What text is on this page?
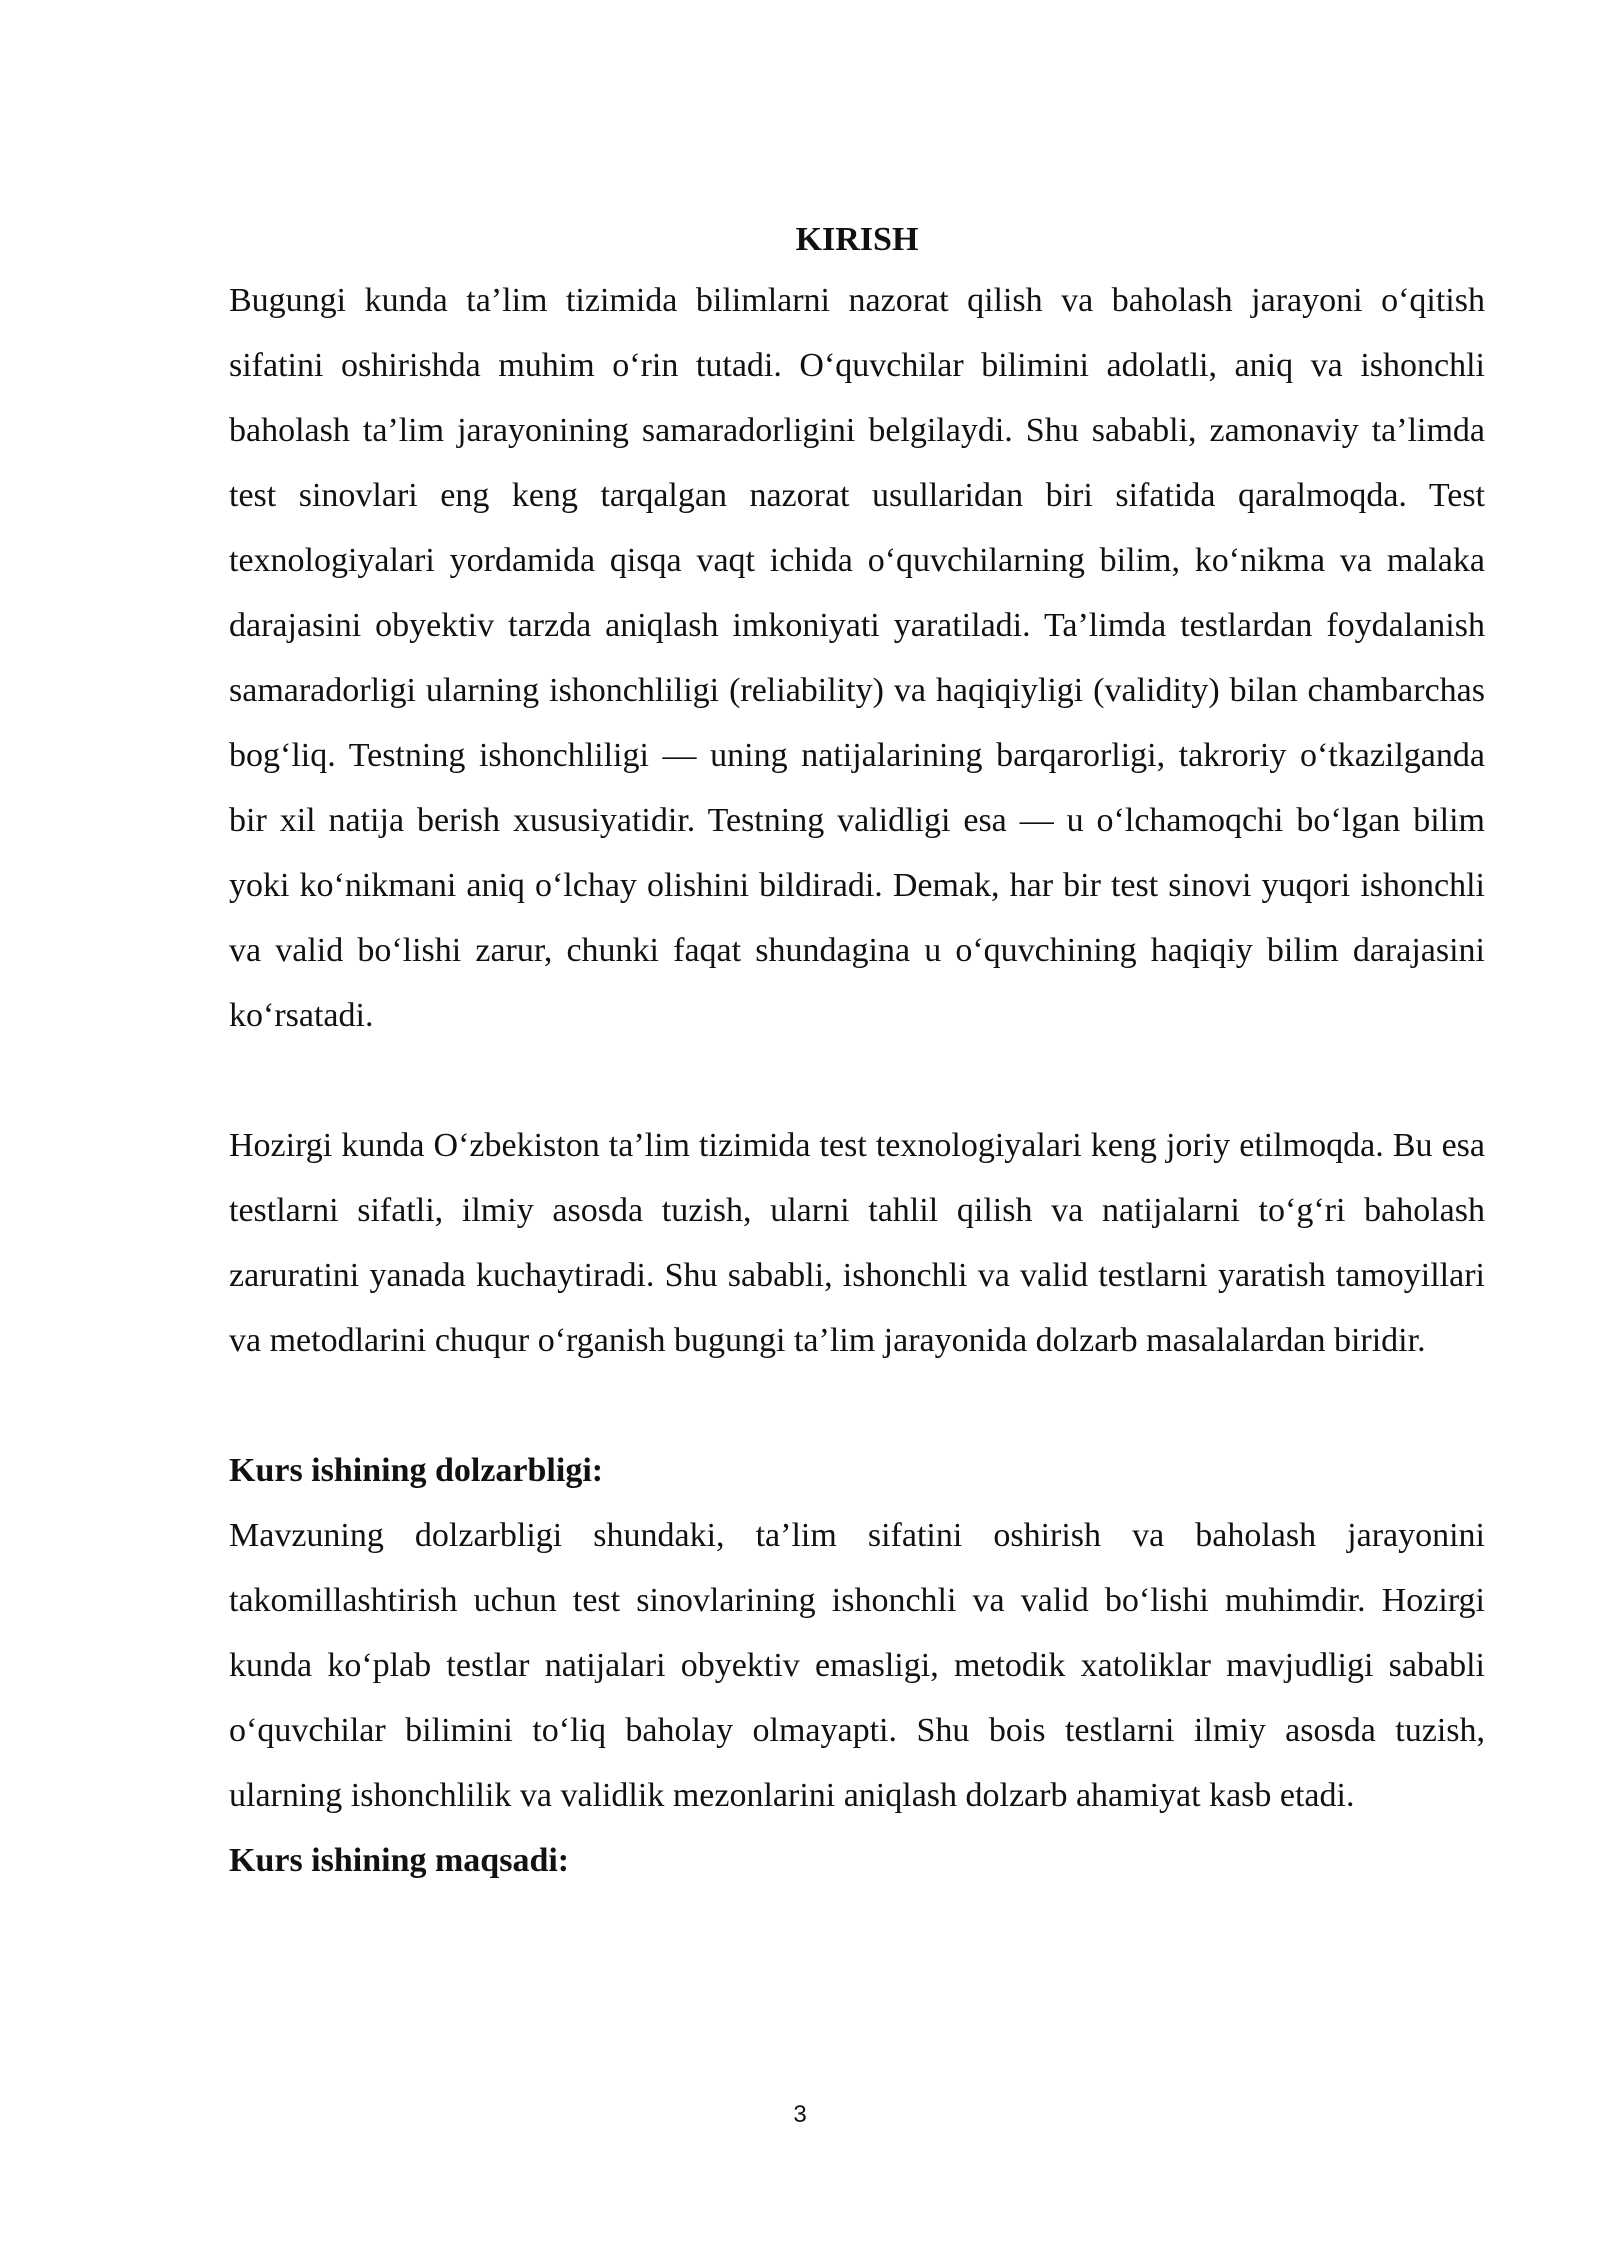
KIRISH

Bugungi kunda ta’lim tizimida bilimlarni nazorat qilish va baholash jarayoni o‘qitish sifatini oshirishda muhim o‘rin tutadi. O‘quvchilar bilimini adolatli, aniq va ishonchli baholash ta’lim jarayonining samaradorligini belgilaydi. Shu sababli, zamonaviy ta’limda test sinovlari eng keng tarqalgan nazorat usullaridan biri sifatida qaralmoqda. Test texnologiyalari yordamida qisqa vaqt ichida o‘quvchilarning bilim, ko‘nikma va malaka darajasini obyektiv tarzda aniqlash imkoniyati yaratiladi. Ta’limda testlardan foydalanish samaradorligi ularning ishonchliligi (reliability) va haqiqiyligi (validity) bilan chambarchas bog‘liq. Testning ishonchliligi — uning natijalarining barqarorligi, takroriy o‘tkazilganda bir xil natija berish xususiyatidir. Testning validligi esa — u o‘lchamoqchi bo‘lgan bilim yoki ko‘nikmani aniq o‘lchay olishini bildiradi. Demak, har bir test sinovi yuqori ishonchli va valid bo‘lishi zarur, chunki faqat shundagina u o‘quvchining haqiqiy bilim darajasini ko‘rsatadi.

Hozirgi kunda O‘zbekiston ta’lim tizimida test texnologiyalari keng joriy etilmoqda. Bu esa testlarni sifatli, ilmiy asosda tuzish, ularni tahlil qilish va natijalarni to‘g‘ri baholash zaruratini yanada kuchaytiradi. Shu sababli, ishonchli va valid testlarni yaratish tamoyillari va metodlarini chuqur o‘rganish bugungi ta’lim jarayonida dolzarb masalalardan biridir.

Kurs ishining dolzarbligi:

Mavzuning dolzarbligi shundaki, ta’lim sifatini oshirish va baholash jarayonini takomillashtirish uchun test sinovlarining ishonchli va valid bo‘lishi muhimdir. Hozirgi kunda ko‘plab testlar natijalari obyektiv emasligi, metodik xatoliklar mavjudligi sababli o‘quvchilar bilimini to‘liq baholay olmayapti. Shu bois testlarni ilmiy asosda tuzish, ularning ishonchlilik va validlik mezonlarini aniqlash dolzarb ahamiyat kasb etadi.

Kurs ishining maqsadi:
3
